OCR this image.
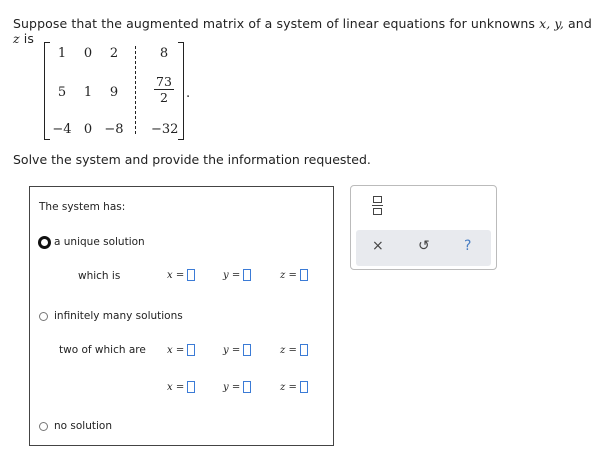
Suppose that the augmented matrix of a system of linear equations for unknowns x, y, and z is
1	0	2	8
5	1	9	$\frac{73}{2}$
−4 0 −8 −32
.
Solve the system and provide the information requested.
The system has:
a unique solution
which is	x =	y =	z =
infinitely many solutions
two of which are x =	y =	z =
x =	y =	z =
no solution
× ↺ ?
